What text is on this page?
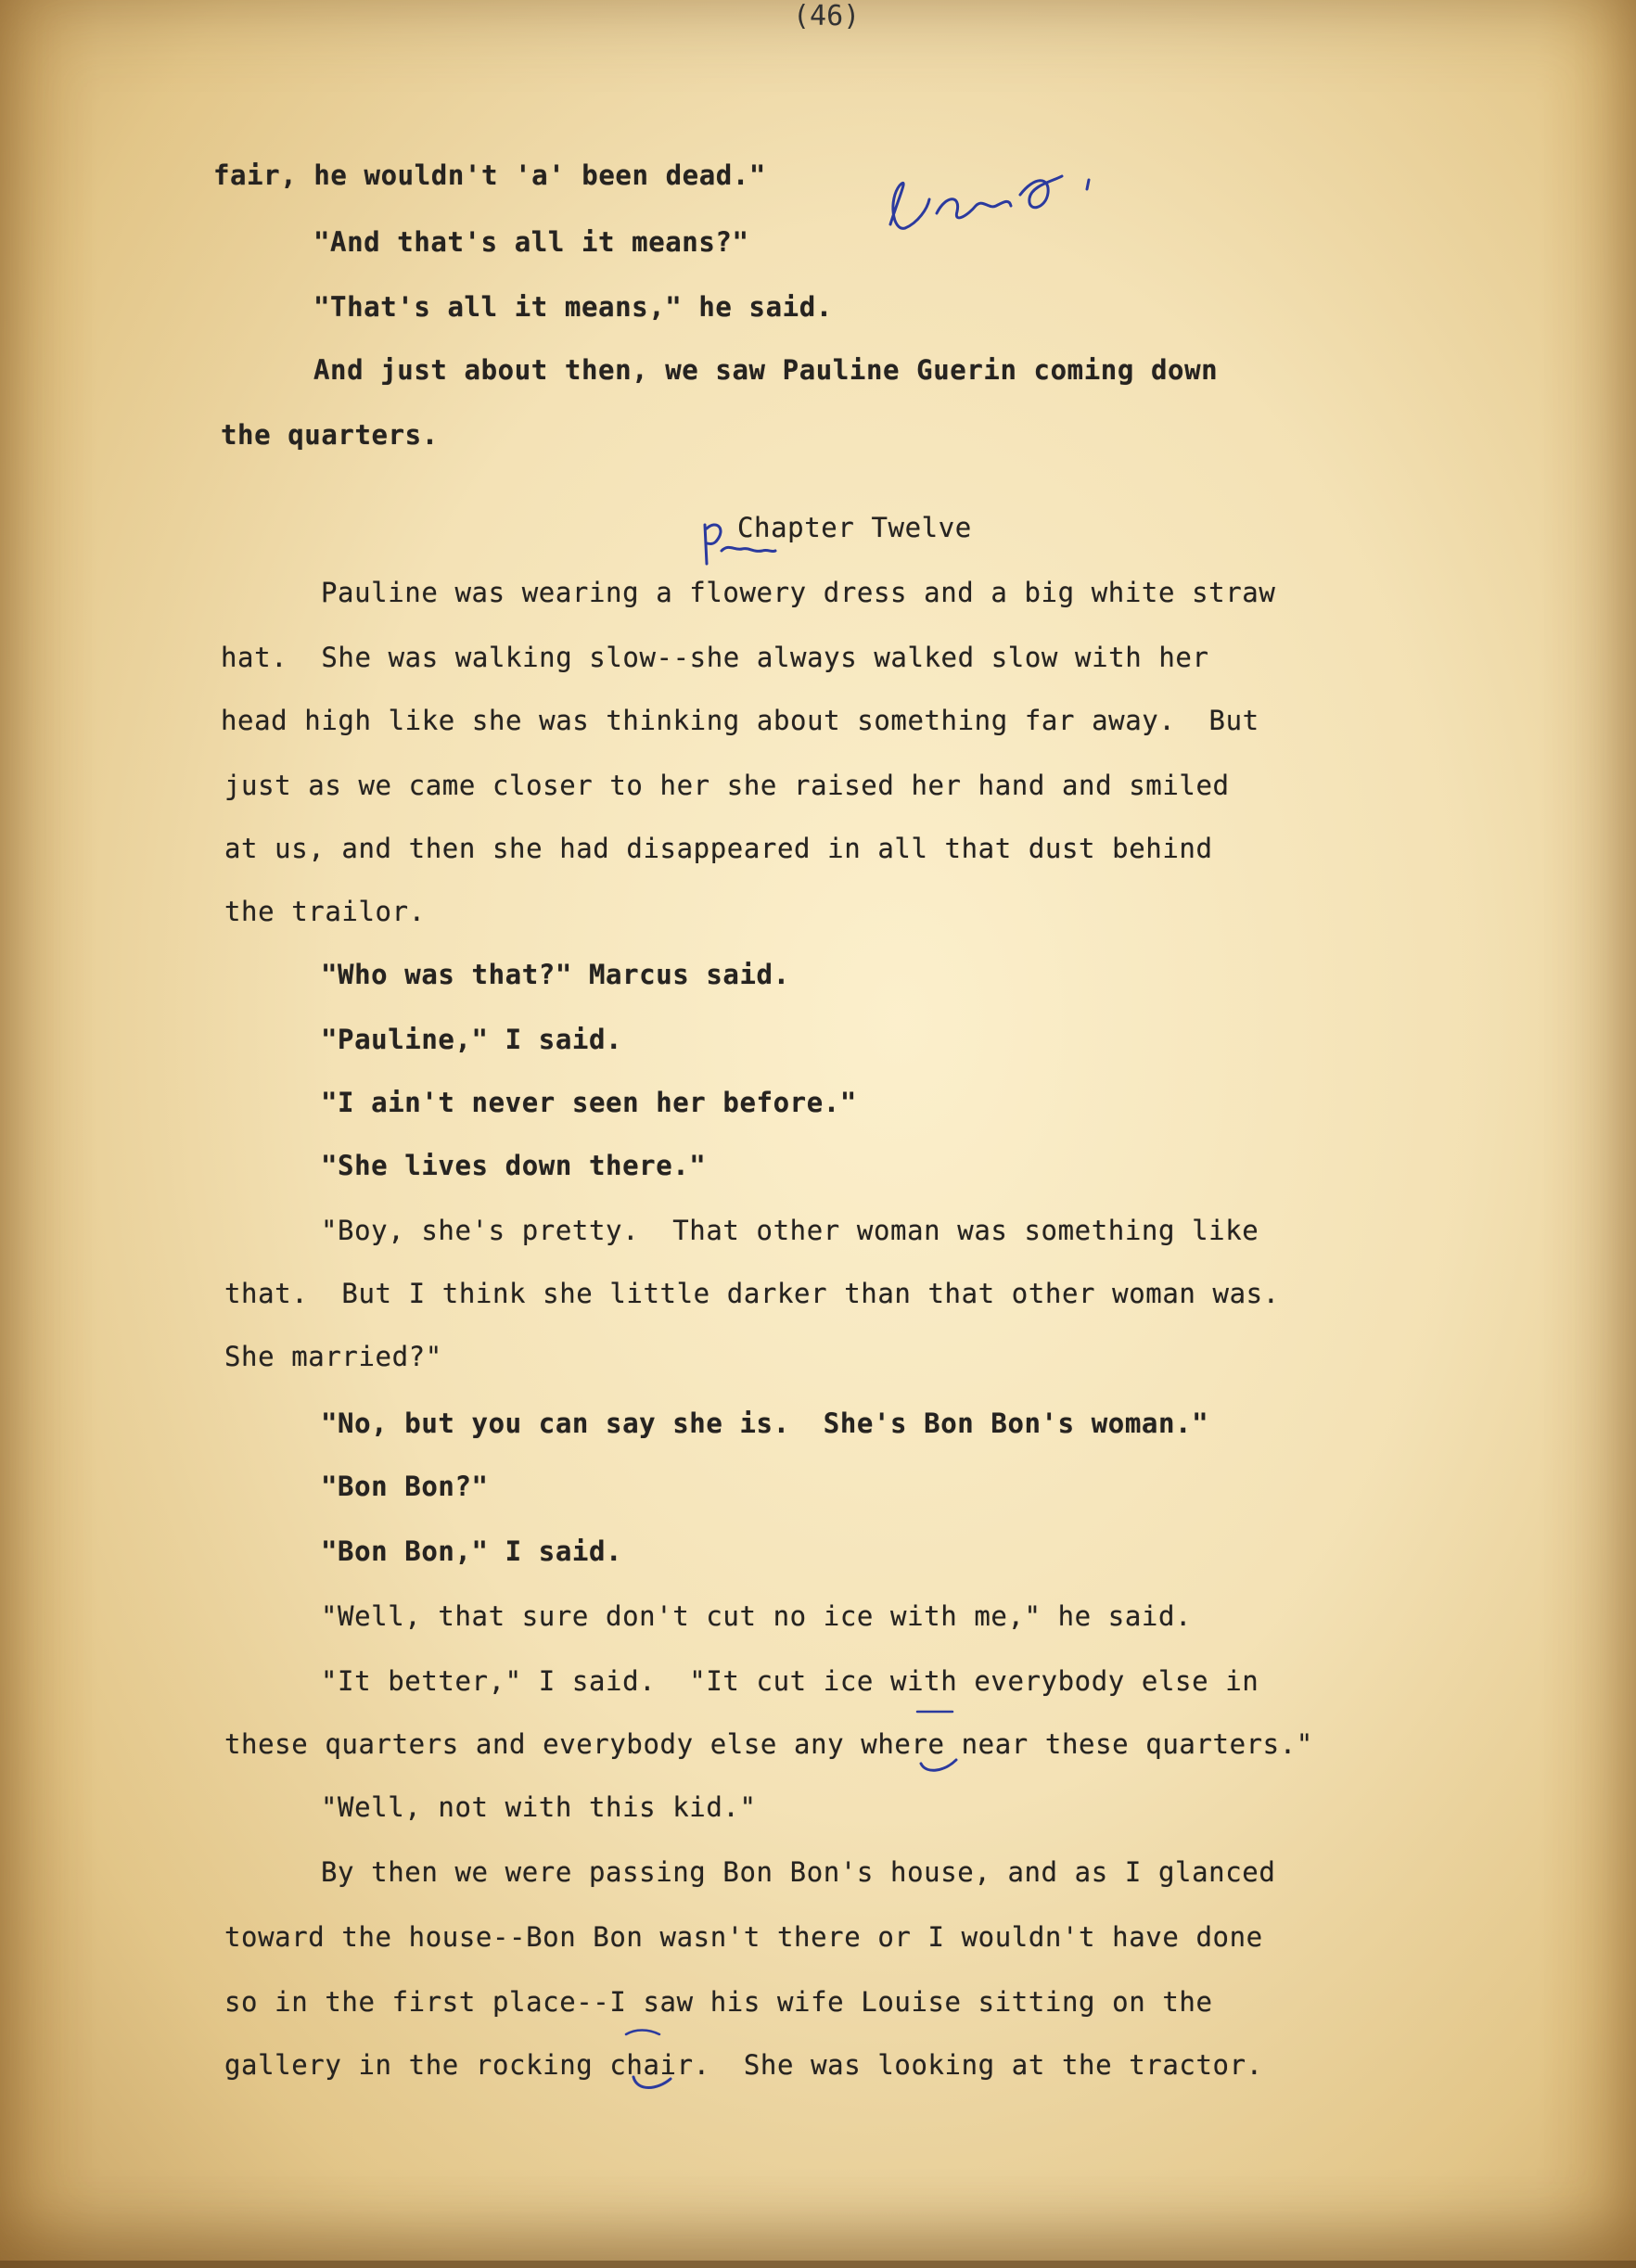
(46)
fair, he wouldn't 'a' been dead."
"And that's all it means?"
"That's all it means," he said.
And just about then, we saw Pauline Guerin coming down
the quarters.
Chapter Twelve
Pauline was wearing a flowery dress and a big white straw
hat.  She was walking slow--she always walked slow with her
head high like she was thinking about something far away.  But
just as we came closer to her she raised her hand and smiled
at us, and then she had disappeared in all that dust behind
the trailor.
"Who was that?" Marcus said.
"Pauline," I said.
"I ain't never seen her before."
"She lives down there."
"Boy, she's pretty.  That other woman was something like
that.  But I think she little darker than that other woman was.
She married?"
"No, but you can say she is.  She's Bon Bon's woman."
"Bon Bon?"
"Bon Bon," I said.
"Well, that sure don't cut no ice with me," he said.
"It better," I said.  "It cut ice with everybody else in
these quarters and everybody else any where near these quarters."
"Well, not with this kid."
By then we were passing Bon Bon's house, and as I glanced
toward the house--Bon Bon wasn't there or I wouldn't have done
so in the first place--I saw his wife Louise sitting on the
gallery in the rocking chair.  She was looking at the tractor.
